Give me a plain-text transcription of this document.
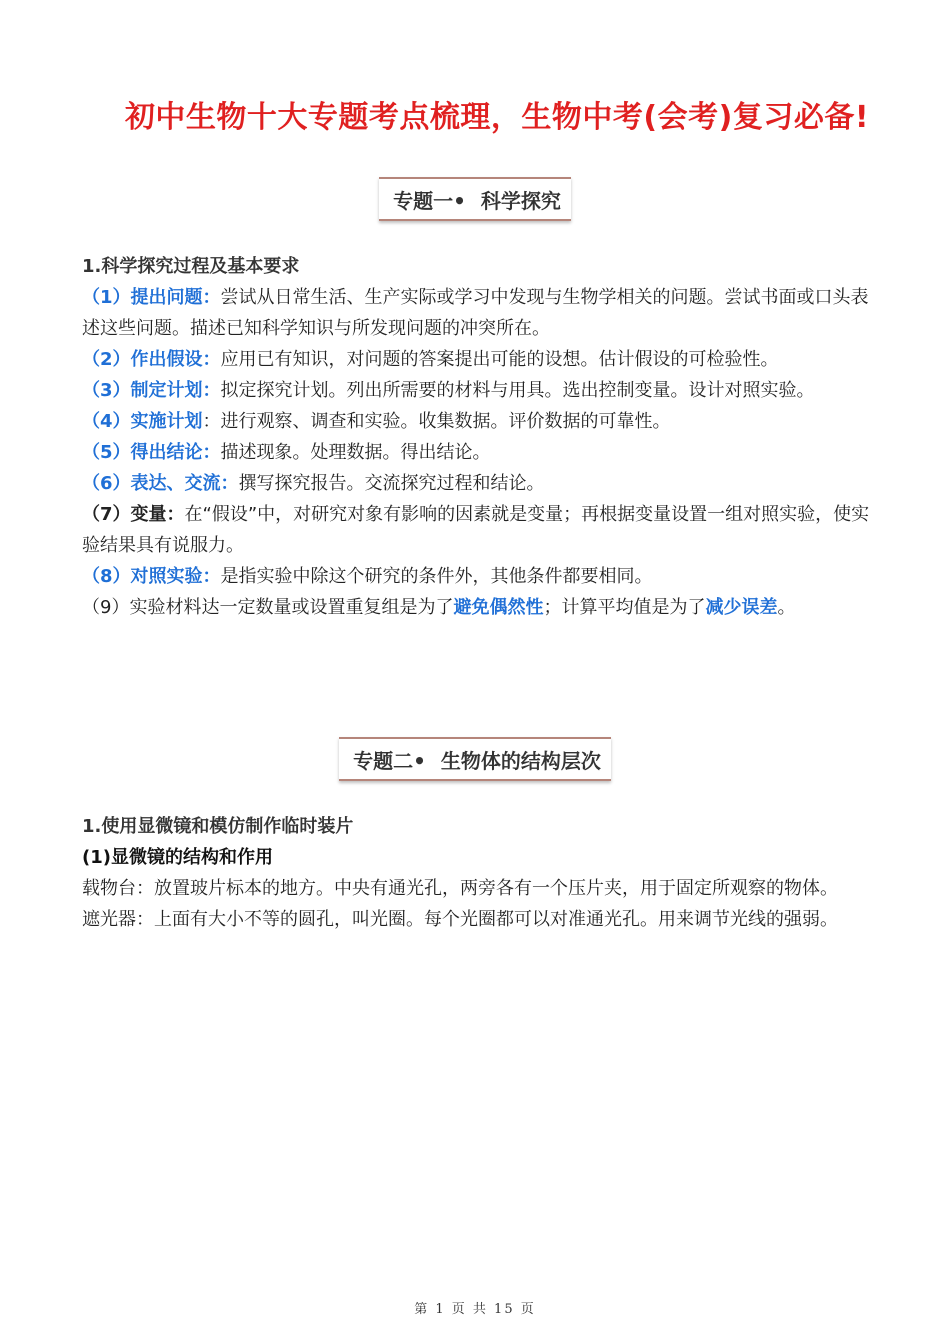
初中生物十大专题考点梳理，生物中考(会考)复习必备!
专题一• 科学探究

1.科学探究过程及基本要求

（1）提出问题：尝试从日常生活、生产实际或学习中发现与生物学相关的问题。尝试书面或口头表述这些问题。描述已知科学知识与所发现问题的冲突所在。

（2）作出假设：应用已有知识，对问题的答案提出可能的设想。估计假设的可检验性。

（3）制定计划：拟定探究计划。列出所需要的材料与用具。选出控制变量。设计对照实验。

（4）实施计划：进行观察、调查和实验。收集数据。评价数据的可靠性。

（5）得出结论：描述现象。处理数据。得出结论。

（6）表达、交流：撰写探究报告。交流探究过程和结论。

（7）变量：在“假设”中，对研究对象有影响的因素就是变量；再根据变量设置一组对照实验，使实验结果具有说服力。

（8）对照实验：是指实验中除这个研究的条件外，其他条件都要相同。

（9）实验材料达一定数量或设置重复组是为了避免偶然性；计算平均值是为了减少误差。

专题二• 生物体的结构层次

1.使用显微镜和模仿制作临时装片

(1)显微镜的结构和作用

载物台：放置玻片标本的地方。中央有通光孔，两旁各有一个压片夹，用于固定所观察的物体。

遮光器：上面有大小不等的圆孔，叫光圈。每个光圈都可以对准通光孔。用来调节光线的强弱。

第 1 页 共 15 页
